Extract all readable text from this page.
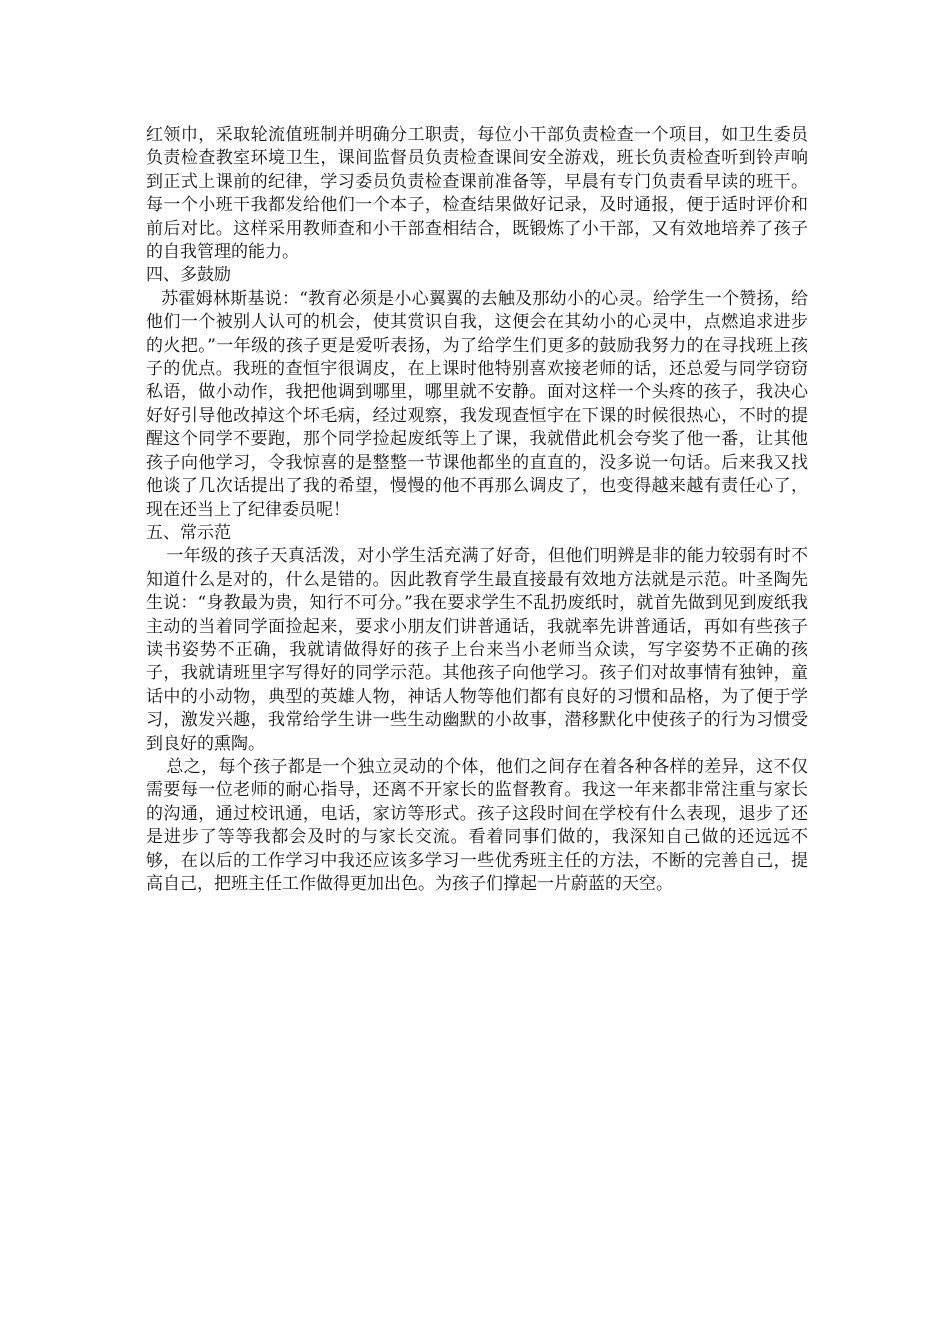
红领巾，采取轮流值班制并明确分工职责，每位小干部负责检查一个项目，如卫生委员负责检查教室环境卫生，课间监督员负责检查课间安全游戏，班长负责检查听到铃声响到正式上课前的纪律，学习委员负责检查课前准备等，早晨有专门负责看早读的班干。每一个小班干我都发给他们一个本子，检查结果做好记录，及时通报，便于适时评价和前后对比。这样采用教师查和小干部查相结合，既锻炼了小干部，又有效地培养了孩子的自我管理的能力。

四、多鼓励

苏霍姆林斯基说：“教育必须是小心翼翼的去触及那幼小的心灵。给学生一个赞扬，给他们一个被别人认可的机会，使其赏识自我，这便会在其幼小的心灵中，点燃追求进步的火把。”一年级的孩子更是爱听表扬，为了给学生们更多的鼓励我努力的在寻找班上孩子的优点。我班的查恒宇很调皮，在上课时他特别喜欢接老师的话，还总爱与同学窃窃私语，做小动作，我把他调到哪里，哪里就不安静。面对这样一个头疼的孩子，我决心好好引导他改掉这个坏毛病，经过观察，我发现查恒宇在下课的时候很热心，不时的提醒这个同学不要跑，那个同学捡起废纸等上了课，我就借此机会夸奖了他一番，让其他孩子向他学习，令我惊喜的是整整一节课他都坐的直直的，没多说一句话。后来我又找他谈了几次话提出了我的希望，慢慢的他不再那么调皮了，也变得越来越有责任心了，现在还当上了纪律委员呢！

五、常示范

一年级的孩子天真活泼，对小学生活充满了好奇，但他们明辨是非的能力较弱有时不知道什么是对的，什么是错的。因此教育学生最直接最有效地方法就是示范。叶圣陶先生说：“身教最为贵，知行不可分。”我在要求学生不乱扔废纸时，就首先做到见到废纸我主动的当着同学面捡起来，要求小朋友们讲普通话，我就率先讲普通话，再如有些孩子读书姿势不正确，我就请做得好的孩子上台来当小老师当众读，写字姿势不正确的孩子，我就请班里字写得好的同学示范。其他孩子向他学习。孩子们对故事情有独钟，童话中的小动物，典型的英雄人物，神话人物等他们都有良好的习惯和品格，为了便于学习，激发兴趣，我常给学生讲一些生动幽默的小故事，潜移默化中使孩子的行为习惯受到良好的熏陶。

总之，每个孩子都是一个独立灵动的个体，他们之间存在着各种各样的差异，这不仅需要每一位老师的耐心指导，还离不开家长的监督教育。我这一年来都非常注重与家长的沟通，通过校讯通，电话，家访等形式。孩子这段时间在学校有什么表现，退步了还是进步了等等我都会及时的与家长交流。看着同事们做的，我深知自己做的还远远不够，在以后的工作学习中我还应该多学习一些优秀班主任的方法，不断的完善自己，提高自己，把班主任工作做得更加出色。为孩子们撑起一片蔚蓝的天空。
